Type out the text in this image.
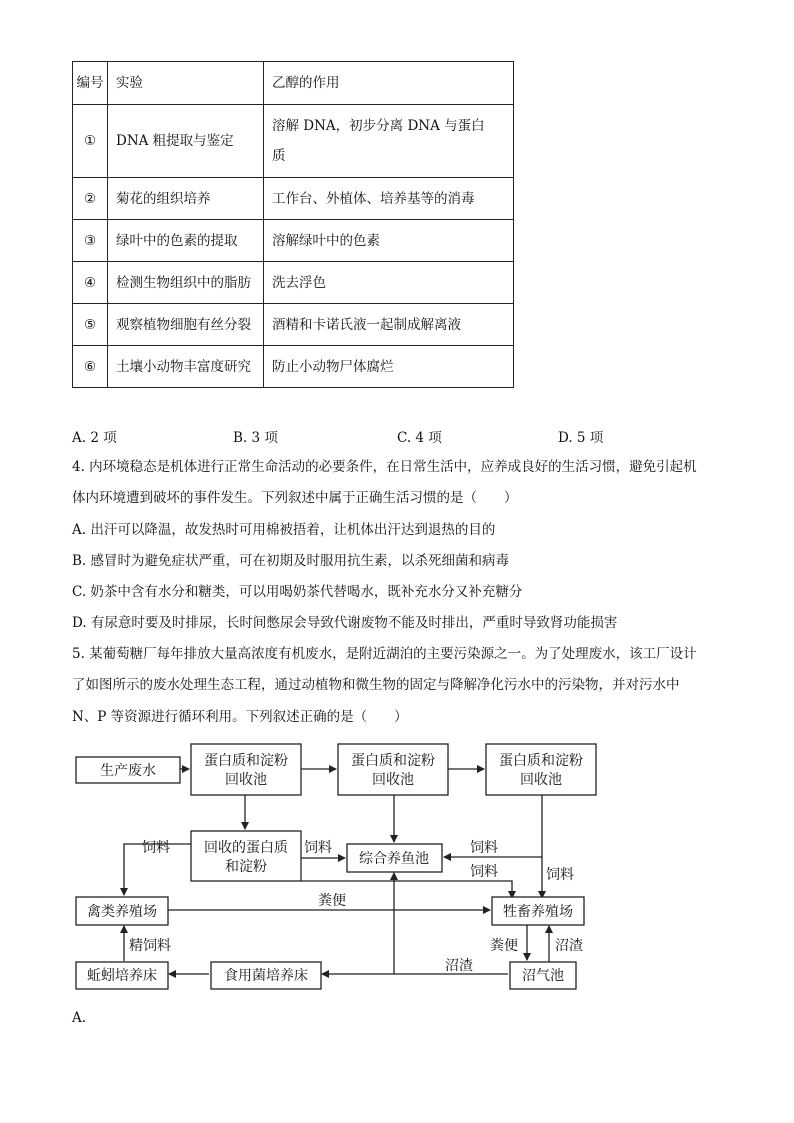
编号	实验	乙醇的作用
①	DNA 粗提取与鉴定	溶解 DNA，初步分离 DNA 与蛋白
质
②	菊花的组织培养	工作台、外植体、培养基等的消毒
③	绿叶中的色素的提取	溶解绿叶中的色素
④	检测生物组织中的脂肪	洗去浮色
⑤	观察植物细胞有丝分裂	酒精和卡诺氏液一起制成解离液
⑥	土壤小动物丰富度研究	防止小动物尸体腐烂
A. 2 项	B. 3 项	C. 4 项	D. 5 项

4. 内环境稳态是机体进行正常生命活动的必要条件，在日常生活中，应养成良好的生活习惯，避免引起机

体内环境遭到破坏的事件发生。下列叙述中属于正确生活习惯的是（　　）

A. 出汗可以降温，故发热时可用棉被捂着，让机体出汗达到退热的目的

B. 感冒时为避免症状严重，可在初期及时服用抗生素，以杀死细菌和病毒

C. 奶茶中含有水分和糖类，可以用喝奶茶代替喝水，既补充水分又补充糖分

D. 有尿意时要及时排尿，长时间憋尿会导致代谢废物不能及时排出，严重时导致肾功能损害

5. 某葡萄糖厂每年排放大量高浓度有机废水，是附近湖泊的主要污染源之一。为了处理废水，该工厂设计

了如图所示的废水处理生态工程，通过动植物和微生物的固定与降解净化污水中的污染物，并对污水中

N、P 等资源进行循环利用。下列叙述正确的是（　　）

生产废水
蛋白质和淀粉
回收池
蛋白质和淀粉
回收池
蛋白质和淀粉
回收池
回收的蛋白质
和淀粉	综合养鱼池
禽类养殖场	牲畜养殖场
蚯蚓培养床	食用菌培养床	沼气池
饲料	饲料	饲料
饲料	饲料
粪便
粪便	沼渣
沼渣
精饲料
A.
